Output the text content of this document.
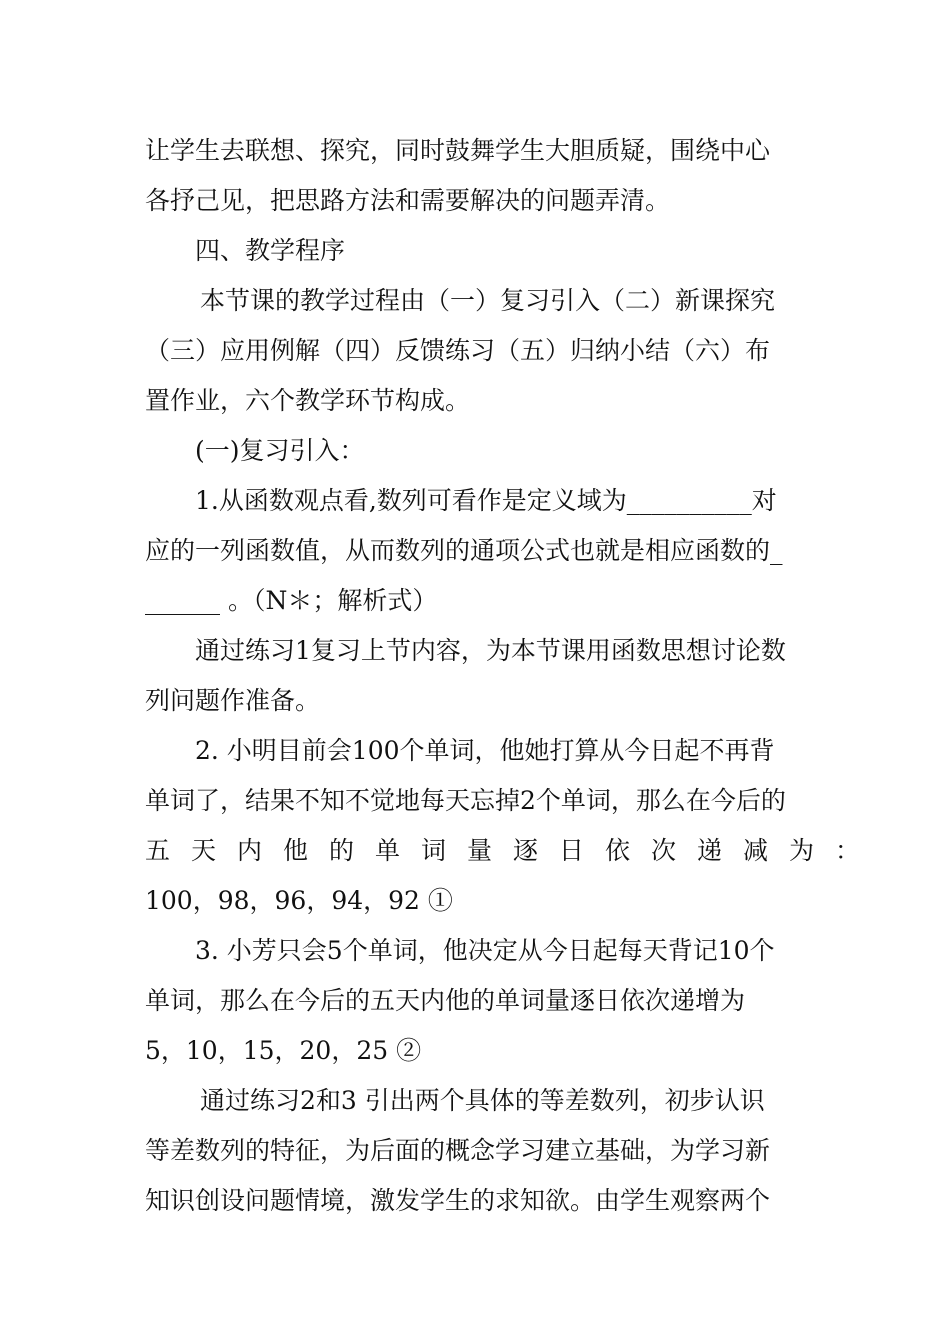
让学生去联想、探究，同时鼓舞学生大胆质疑，围绕中心
各抒己见，把思路方法和需要解决的问题弄清。
四、教学程序
本节课的教学过程由（一）复习引入（二）新课探究
（三）应用例解（四）反馈练习（五）归纳小结（六）布
置作业，六个教学环节构成。
(一)复习引入：
1.从函数观点看,数列可看作是定义域为__________对
应的一列函数值，从而数列的通项公式也就是相应函数的_
______ 。（N＊；解析式）
通过练习1复习上节内容，为本节课用函数思想讨论数
列问题作准备。
2. 小明目前会100个单词，他她打算从今日起不再背
单词了，结果不知不觉地每天忘掉2个单词，那么在今后的
五天内他的单词量逐日依次递减为：
100，98，96，94，92 ①
3. 小芳只会5个单词，他决定从今日起每天背记10个
单词，那么在今后的五天内他的单词量逐日依次递增为
5，10，15，20，25 ②
通过练习2和3 引出两个具体的等差数列，初步认识
等差数列的特征，为后面的概念学习建立基础，为学习新
知识创设问题情境，激发学生的求知欲。由学生观察两个
